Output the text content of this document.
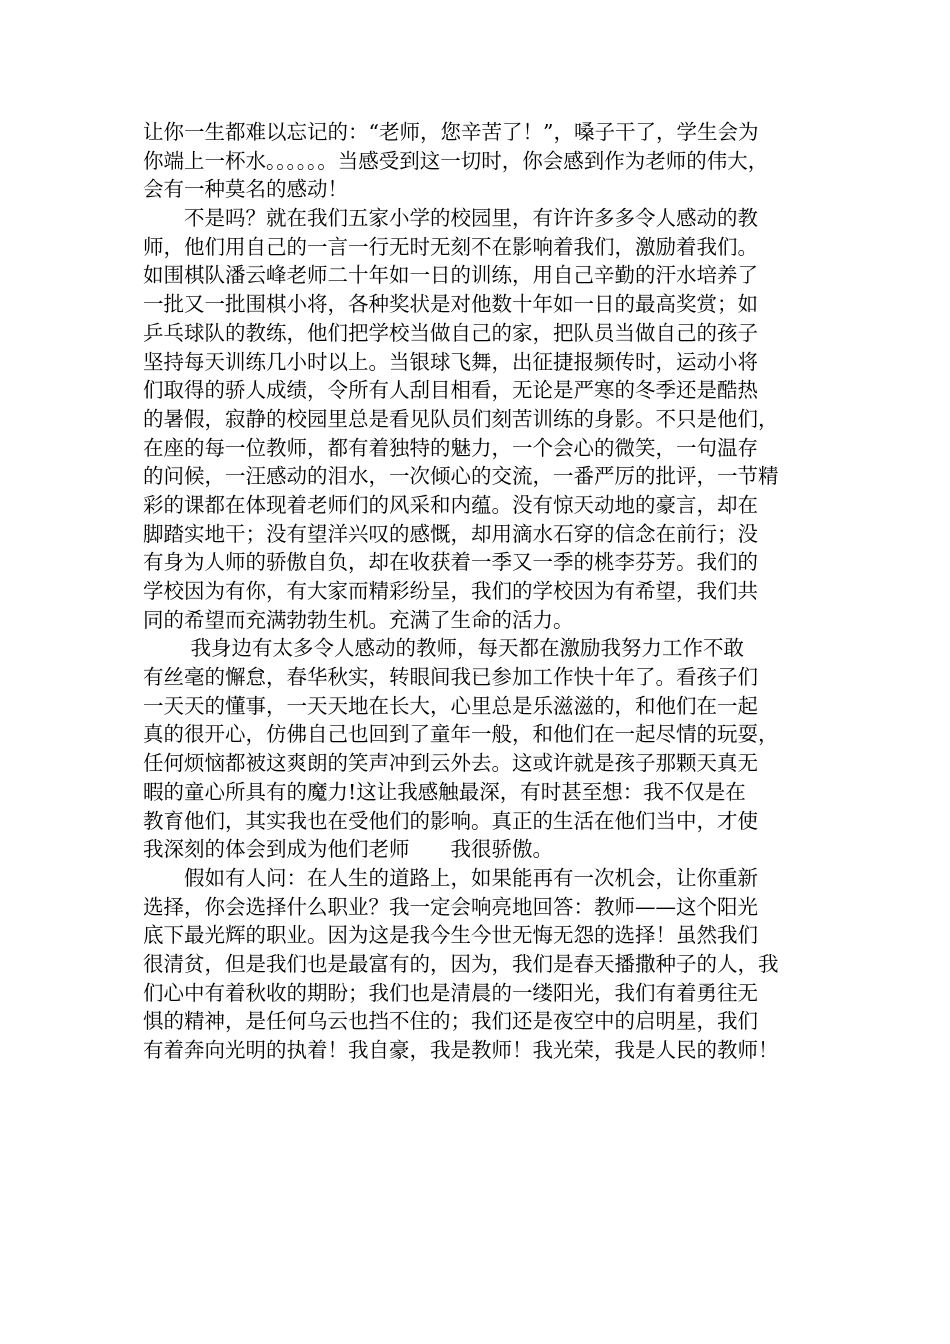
让你一生都难以忘记的：“老师，您辛苦了！”，嗓子干了，学生会为
你端上一杯水。。。。。。当感受到这一切时，你会感到作为老师的伟大，
会有一种莫名的感动！
　　不是吗？就在我们五家小学的校园里，有许许多多令人感动的教
师，他们用自己的一言一行无时无刻不在影响着我们，激励着我们。
如围棋队潘云峰老师二十年如一日的训练，用自己辛勤的汗水培养了
一批又一批围棋小将，各种奖状是对他数十年如一日的最高奖赏；如
乒乓球队的教练，他们把学校当做自己的家，把队员当做自己的孩子
坚持每天训练几小时以上。当银球飞舞，出征捷报频传时，运动小将
们取得的骄人成绩，令所有人刮目相看，无论是严寒的冬季还是酷热
的暑假，寂静的校园里总是看见队员们刻苦训练的身影。不只是他们，
在座的每一位教师，都有着独特的魅力，一个会心的微笑，一句温存
的问候，一汪感动的泪水，一次倾心的交流，一番严厉的批评，一节精
彩的课都在体现着老师们的风采和内蕴。没有惊天动地的豪言，却在
脚踏实地干；没有望洋兴叹的感慨，却用滴水石穿的信念在前行；没
有身为人师的骄傲自负，却在收获着一季又一季的桃李芬芳。我们的
学校因为有你，有大家而精彩纷呈，我们的学校因为有希望，我们共
同的希望而充满勃勃生机。充满了生命的活力。
　　 我身边有太多令人感动的教师，每天都在激励我努力工作不敢
有丝毫的懈怠，春华秋实，转眼间我已参加工作快十年了。看孩子们
一天天的懂事，一天天地在长大，心里总是乐滋滋的，和他们在一起
真的很开心，仿佛自己也回到了童年一般，和他们在一起尽情的玩耍，
任何烦恼都被这爽朗的笑声冲到云外去。这或许就是孩子那颗天真无
暇的童心所具有的魔力!这让我感触最深，有时甚至想：我不仅是在
教育他们，其实我也在受他们的影响。真正的生活在他们当中，才使
我深刻的体会到成为他们老师　　我很骄傲。
　　假如有人问：在人生的道路上，如果能再有一次机会，让你重新
选择，你会选择什么职业？我一定会响亮地回答：教师——这个阳光
底下最光辉的职业。因为这是我今生今世无悔无怨的选择！虽然我们
很清贫，但是我们也是最富有的，因为，我们是春天播撒种子的人，我
们心中有着秋收的期盼；我们也是清晨的一缕阳光，我们有着勇往无
惧的精神，是任何乌云也挡不住的；我们还是夜空中的启明星，我们
有着奔向光明的执着！我自豪，我是教师！我光荣，我是人民的教师！
